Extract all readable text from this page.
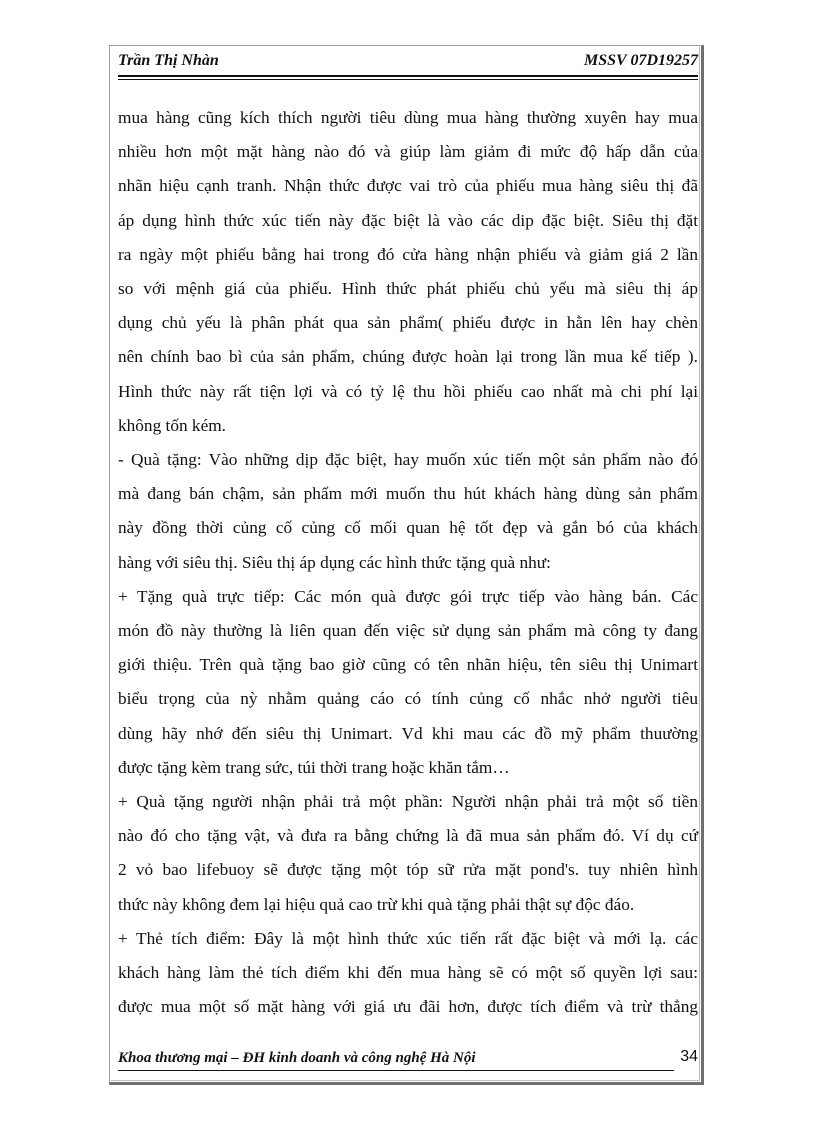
Trần Thị Nhàn	MSSV 07D19257

mua hàng cũng kích thích người tiêu dùng mua hàng thường xuyên hay mua

nhiều hơn một mặt hàng nào đó và giúp làm giảm đi mức độ hấp dẫn của

nhãn hiệu cạnh tranh. Nhận thức được vai trò của phiếu mua hàng siêu thị đã

áp dụng hình thức xúc tiến này đặc biệt là vào các dip đặc biệt. Siêu thị đặt

ra ngày một phiếu bằng hai trong đó cửa hàng nhận phiếu và giảm giá 2 lần

so với mệnh giá của phiếu. Hình thức phát phiếu chủ yếu mà siêu thị áp

dụng chủ yếu là phân phát qua sản phẩm( phiếu được in hằn lên hay chèn

nên chính bao bì của sản phẩm, chúng được hoàn lại trong lần mua kế tiếp ).

Hình thức này rất tiện lợi và có tỷ lệ thu hồi phiếu cao nhất mà chi phí lại

không tốn kém.

- Quà tặng: Vào những dịp đặc biệt, hay muốn xúc tiến một sản phẩm nào đó

mà đang bán chậm, sản phẩm mới muốn thu hút khách hàng dùng sản phẩm

này đồng thời củng cố củng cố mối quan hệ tốt đẹp và gắn bó của khách

hàng với siêu thị. Siêu thị áp dụng các hình thức tặng quà như:

+ Tặng quà trực tiếp: Các món quà được gói trực tiếp vào hàng bán. Các

món đồ này thường là liên quan đến việc sử dụng sản phẩm mà công ty đang

giới thiệu. Trên quà tặng bao giờ cũng có tên nhãn hiệu, tên siêu thị Unimart

biểu trọng của nỳ nhằm quảng cáo có tính củng cố nhắc nhở người tiêu

dùng hãy nhớ đến siêu thị Unimart. Vd khi mau các đồ mỹ phẩm thuường

được tặng kèm trang sức, túi thời trang hoặc khăn tắm…

+ Quà tặng người nhận phải trả một phần: Người nhận phải trả một số tiền

nào đó cho tặng vật, và đưa ra bằng chứng là đã mua sản phẩm đó. Ví dụ cứ

2 vỏ bao lifebuoy sẽ được tặng một tóp sữ rửa mặt pond's. tuy nhiên hình

thức này không đem lại hiệu quả cao trừ khi quà tặng phải thật sự độc đáo.

+ Thẻ tích điểm: Đây là một hình thức xúc tiến rất đặc biệt và mới lạ. các

khách hàng làm thẻ tích điểm khi đến mua hàng sẽ có một số quyền lợi sau:

được mua một số mặt hàng với giá ưu đãi hơn, được tích điểm và trừ thẳng

Khoa thương mại – ĐH kinh doanh và công nghệ Hà Nội	34
